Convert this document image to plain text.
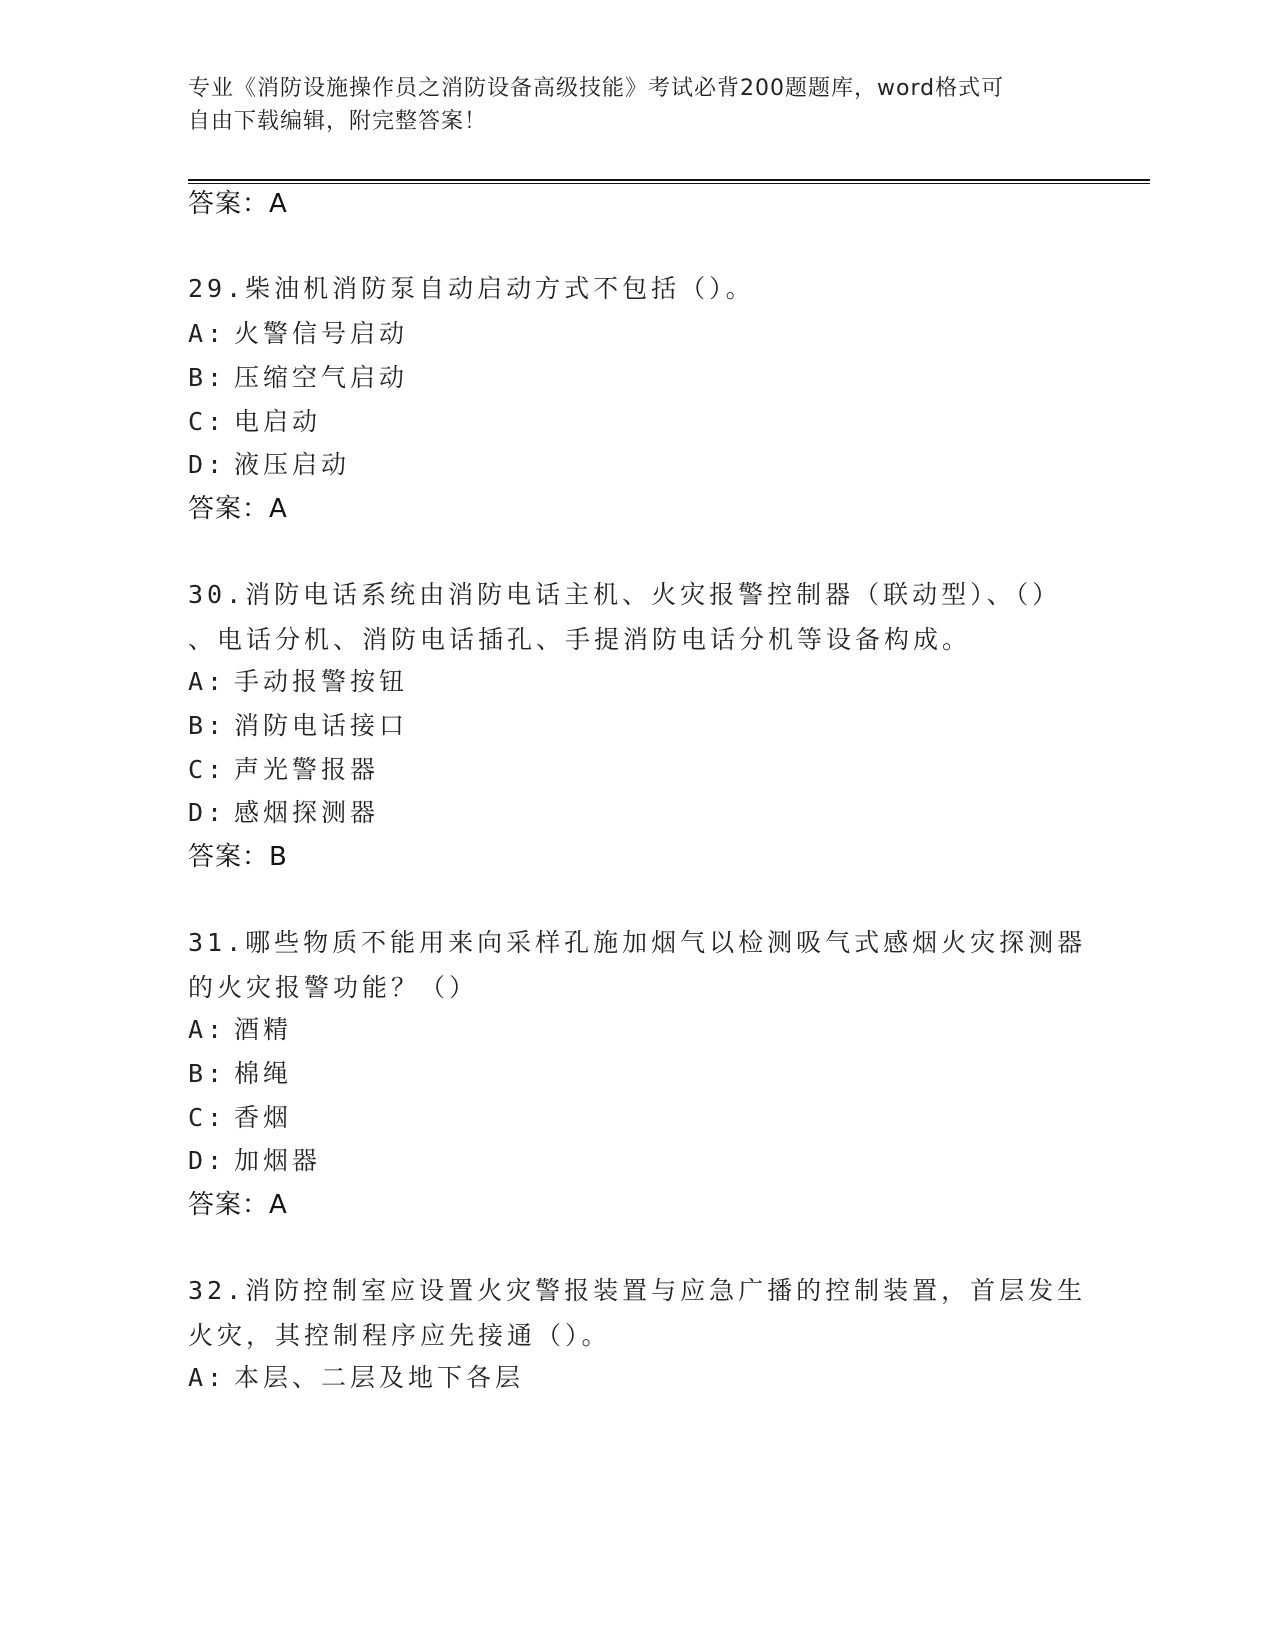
专业《消防设施操作员之消防设备高级技能》考试必背200题题库，word格式可
自由下载编辑，附完整答案！
答案：A
29.柴油机消防泵自动启动方式不包括（）。
A: 火警信号启动
B: 压缩空气启动
C: 电启动
D: 液压启动
答案：A
30.消防电话系统由消防电话主机、火灾报警控制器（联动型）、（）
、电话分机、消防电话插孔、手提消防电话分机等设备构成。
A: 手动报警按钮
B: 消防电话接口
C: 声光警报器
D: 感烟探测器
答案：B
31.哪些物质不能用来向采样孔施加烟气以检测吸气式感烟火灾探测器
的火灾报警功能？（）
A: 酒精
B: 棉绳
C: 香烟
D: 加烟器
答案：A
32.消防控制室应设置火灾警报装置与应急广播的控制装置，首层发生
火灾，其控制程序应先接通（）。
A: 本层、二层及地下各层
